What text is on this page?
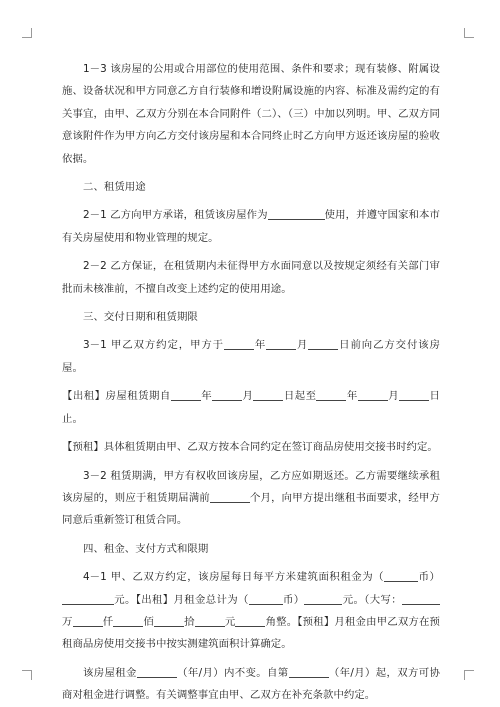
1－3 该房屋的公用或合用部位的使用范围、条件和要求；现有装修、附属设施、设备状况和甲方同意乙方自行装修和增设附属设施的内容、标准及需约定的有关事宜，由甲、乙双方分别在本合同附件（二）、（三）中加以列明。甲、乙双方同意该附件作为甲方向乙方交付该房屋和本合同终止时乙方向甲方返还该房屋的验收依据。

二、租赁用途

2－1 乙方向甲方承诺，租赁该房屋作为	使用，并遵守国家和本市有关房屋使用和物业管理的规定。

2－2 乙方保证，在租赁期内未征得甲方水面同意以及按规定须经有关部门审批而未核准前，不擅自改变上述约定的使用用途。

三、交付日期和租赁期限

3－1 甲乙双方约定，甲方于	年	月	日前向乙方交付该房屋。

【出租】房屋租赁期自	年	月	日起至	年	月	日止。

【预租】具体租赁期由甲、乙双方按本合同约定在签订商品房使用交接书时约定。

3－2 租赁期满，甲方有权收回该房屋，乙方应如期返还。乙方需要继续承租该房屋的，则应于租赁期届满前	个月，向甲方提出继租书面要求，经甲方同意后重新签订租赁合同。

四、租金、支付方式和限期

4－1 甲、乙双方约定，该房屋每日每平方米建筑面积租金为（	币）元。【出租】月租金总计为（	币）	元。（大写：万	仟	佰	拾	元	角整。【预租】月租金由甲乙双方在预租商品房使用交接书中按实测建筑面积计算确定。

该房屋租金	（年/月）内不变。自第	（年/月）起，双方可协商对租金进行调整。有关调整事宜由甲、乙双方在补充条款中约定。
